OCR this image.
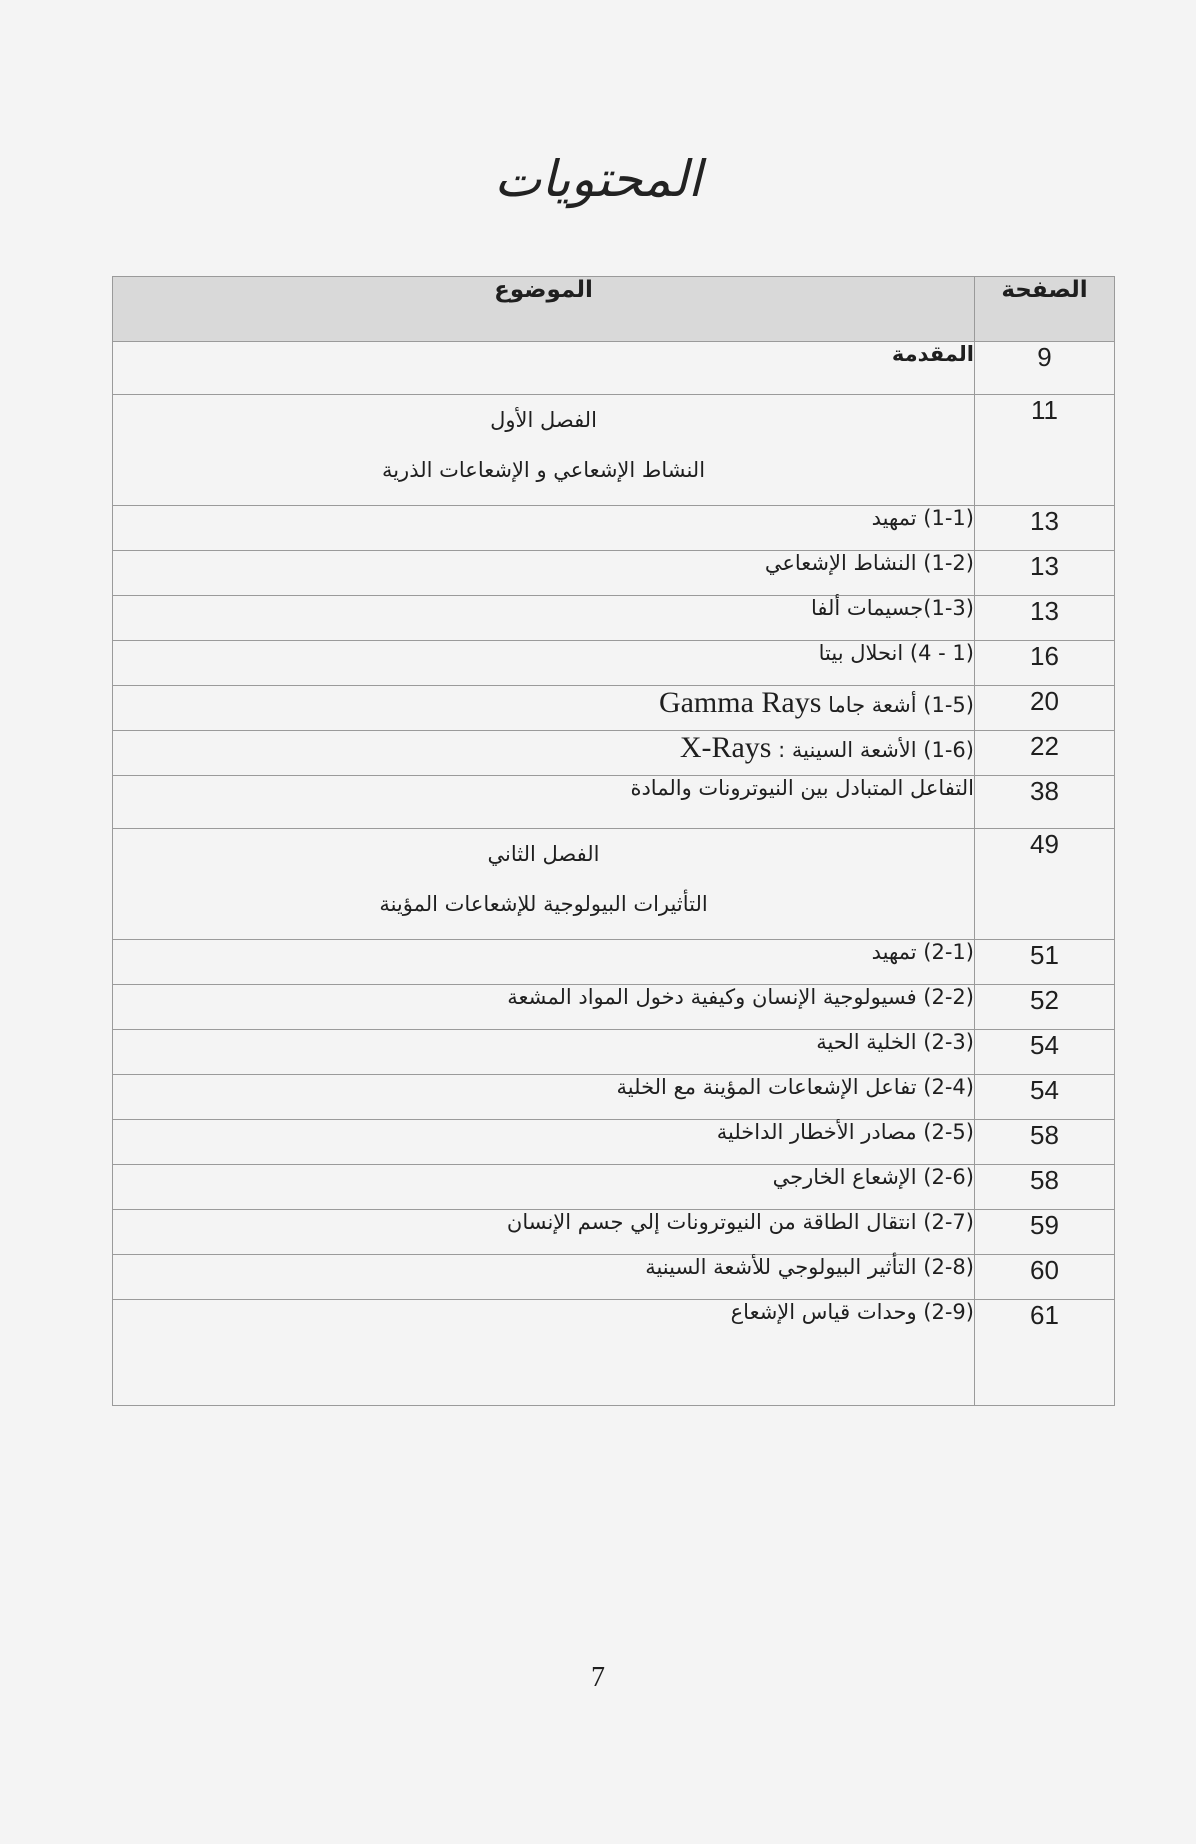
المحتويات
الموضوع	الصفحة
المقدمة	9

الفصل الأول
النشاط الإشعاعي و الإشعاعات الذرية	11
(1-1) تمهيد	13
(1-2) النشاط الإشعاعي	13
(1-3)جسيمات ألفا	13
(1 - 4) انحلال بيتا	16
(1-5) أشعة جاما Gamma Rays	20
(1-6) الأشعة السينية : X-Rays	22
التفاعل المتبادل بين النيوترونات والمادة	38

الفصل الثاني
التأثيرات البيولوجية للإشعاعات المؤينة	49
(2-1) تمهيد	51
(2-2) فسيولوجية الإنسان وكيفية دخول المواد المشعة	52
(2-3) الخلية الحية	54
(2-4) تفاعل الإشعاعات المؤينة مع الخلية	54
(2-5) مصادر الأخطار الداخلية	58
(2-6) الإشعاع الخارجي	58
(2-7) انتقال الطاقة من النيوترونات إلي جسم الإنسان	59
(2-8) التأثير البيولوجي للأشعة السينية	60
(2-9) وحدات قياس الإشعاع	61
7
